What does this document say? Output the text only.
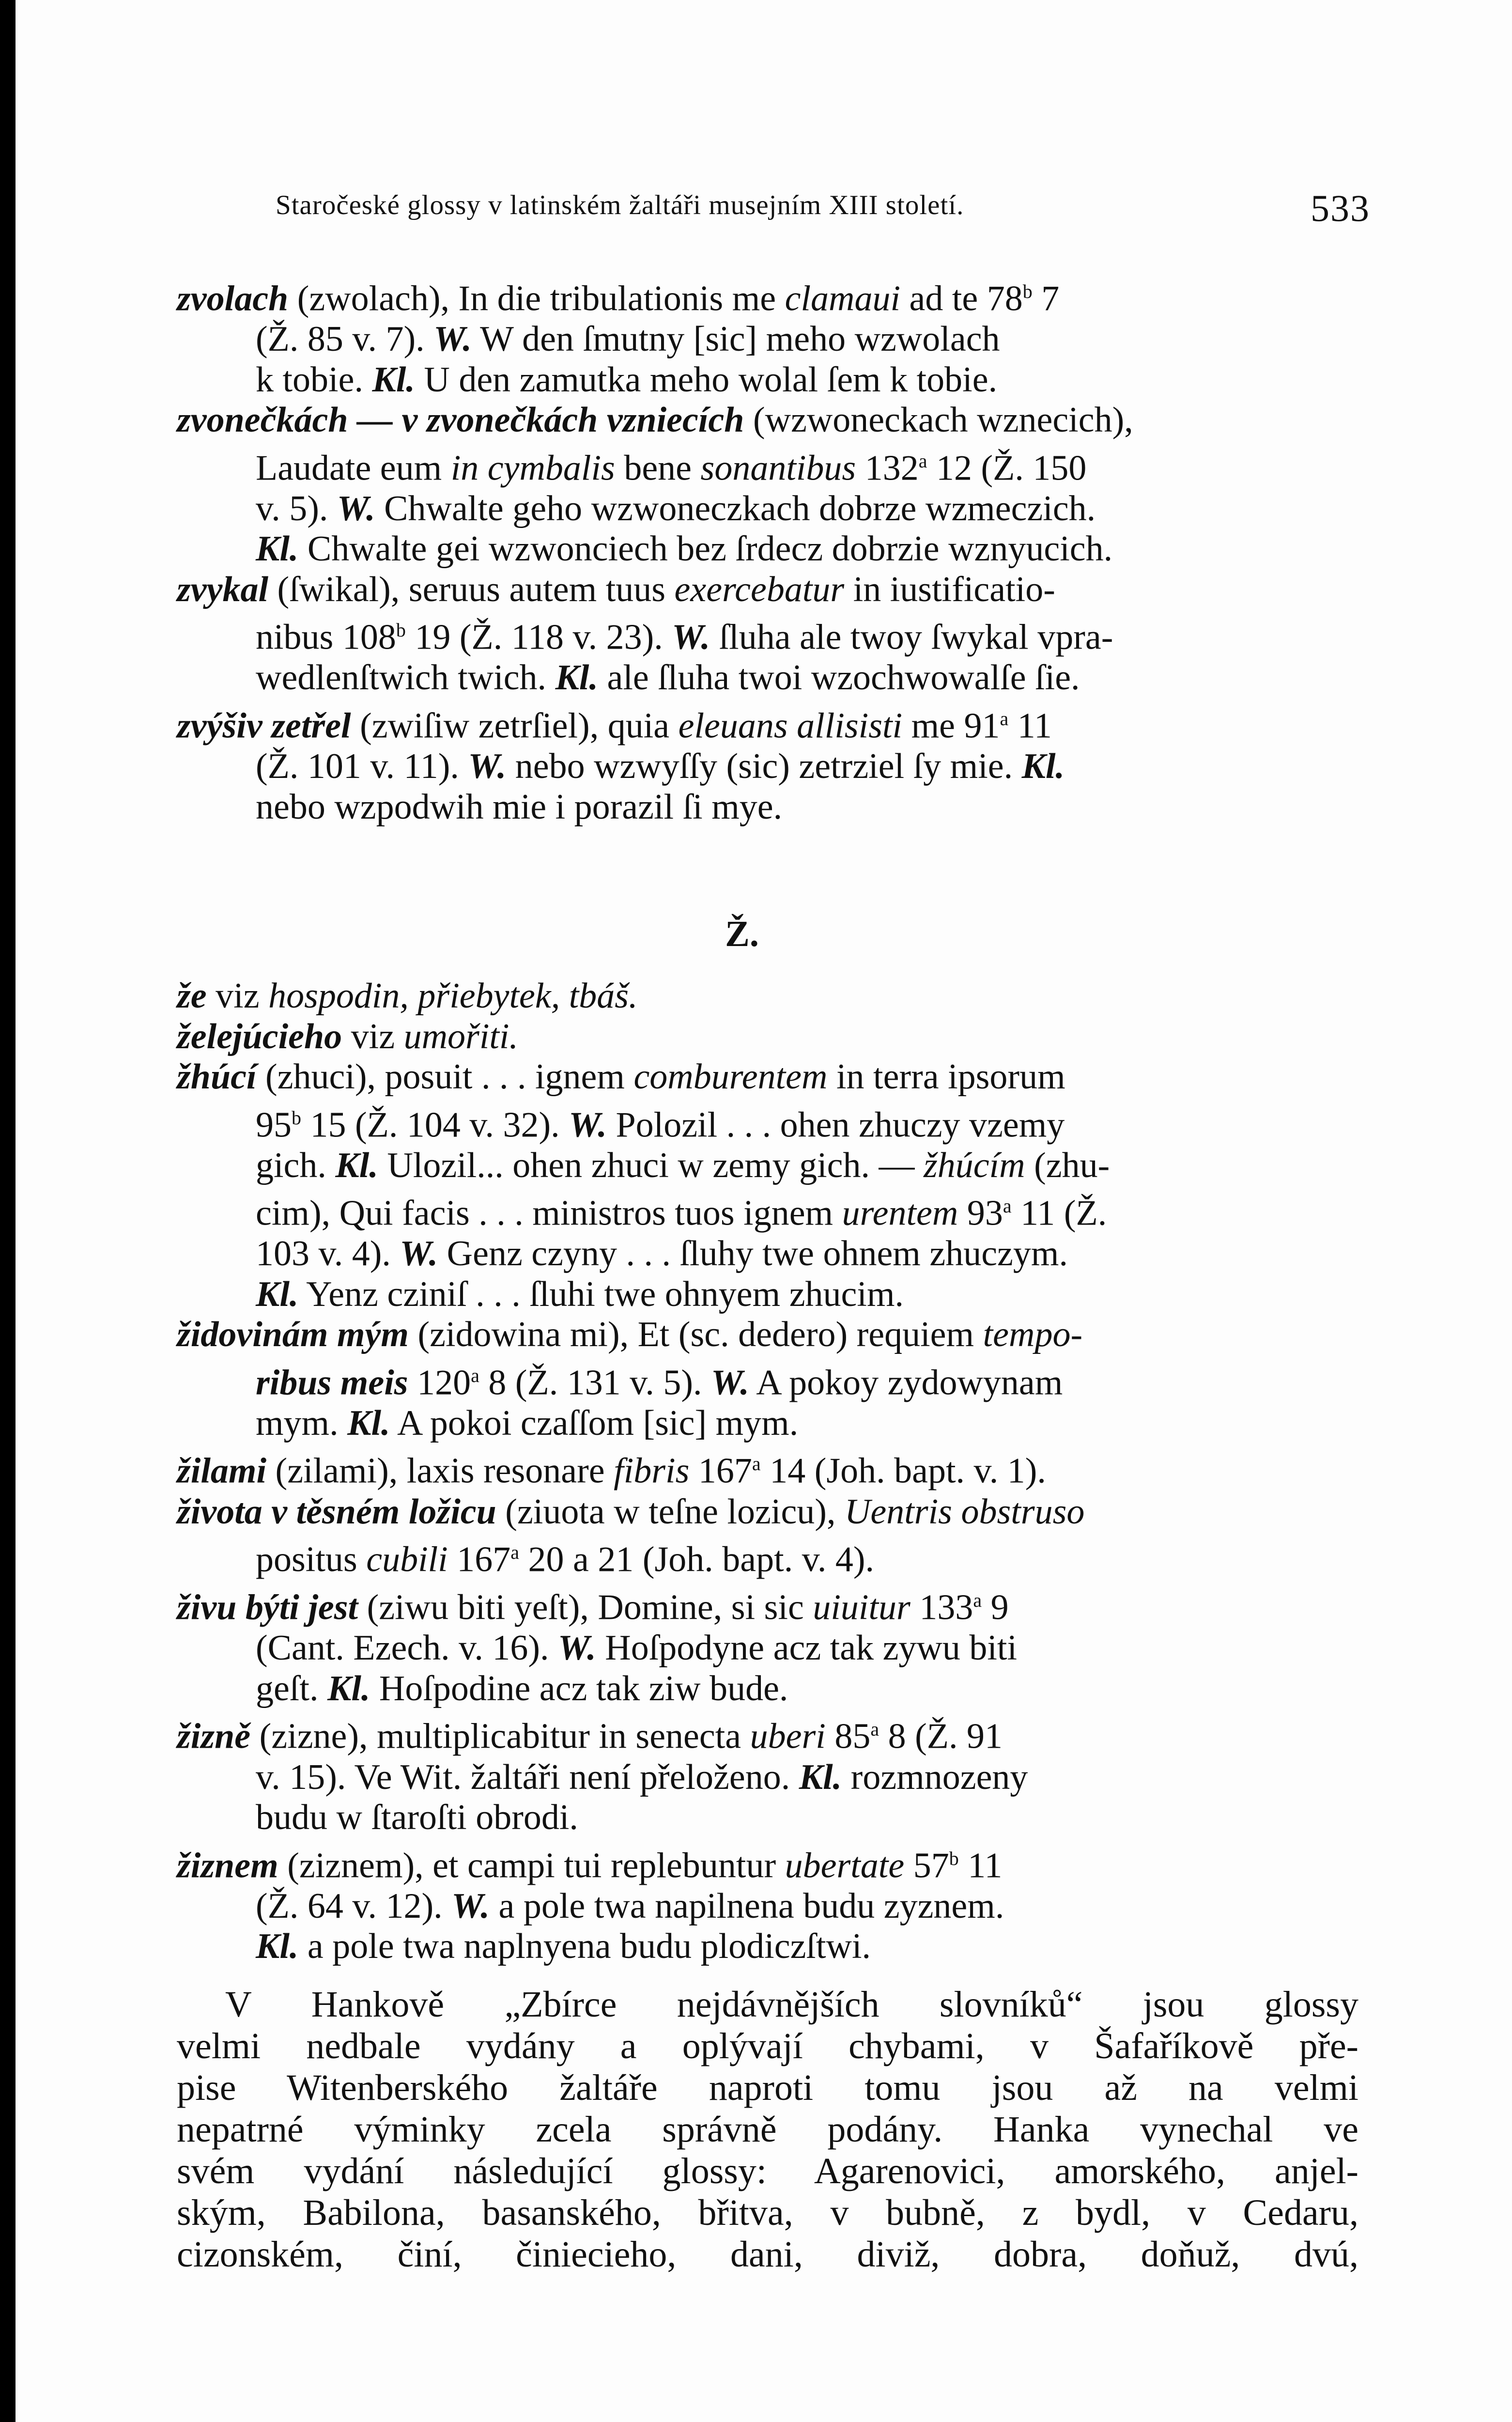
Staročeské glossy v latinském žaltáři musejním XIII století.	533

zvolach (zwolach), In die tribulationis me clamaui ad te 78$^b$ 7
(Ž. 85 v. 7). W. W den ſmutny [sic] meho wzwolach
k tobie. Kl. U den zamutka meho wolal ſem k tobie.

zvonečkách — v zvonečkách vzniecích (wzwoneckach wznecich),
Laudate eum in cymbalis bene sonantibus 132$^a$ 12 (Ž. 150
v. 5). W. Chwalte geho wzwoneczkach dobrze wzmeczich.
Kl. Chwalte gei wzwonciech bez ſrdecz dobrzie wznyucich.

zvykal (ſwikal), seruus autem tuus exercebatur in iustificatio-
nibus 108$^b$ 19 (Ž. 118 v. 23). W. ſluha ale twoy ſwykal vpra-
wedlenſtwich twich. Kl. ale ſluha twoi wzochwowalſe ſie.

zvýšiv zetřel (zwiſiw zetrſiel), quia eleuans allisisti me 91$^a$ 11
(Ž. 101 v. 11). W. nebo wzwyſſy (sic) zetrziel ſy mie. Kl.
nebo wzpodwih mie i porazil ſi mye.

Ž.

že viz hospodin, přiebytek, tbáš.

želejúcieho viz umořiti.

žhúcí (zhuci), posuit . . . ignem comburentem in terra ipsorum
95$^b$ 15 (Ž. 104 v. 32). W. Polozil . . . ohen zhuczy vzemy
gich. Kl. Ulozil... ohen zhuci w zemy gich. — žhúcím (zhu-
cim), Qui facis . . . ministros tuos ignem urentem 93$^a$ 11 (Ž.
103 v. 4). W. Genz czyny . . . ſluhy twe ohnem zhuczym.
Kl. Yenz cziniſ . . . ſluhi twe ohnyem zhucim.

židovinám mým (zidowina mi), Et (sc. dedero) requiem tempo-
ribus meis 120$^a$ 8 (Ž. 131 v. 5). W. A pokoy zydowynam
mym. Kl. A pokoi czaſſom [sic] mym.

žilami (zilami), laxis resonare fibris 167$^a$ 14 (Joh. bapt. v. 1).

života v těsném ložicu (ziuota w teſne lozicu), Uentris obstruso
positus cubili 167$^a$ 20 a 21 (Joh. bapt. v. 4).

živu býti jest (ziwu biti yeſt), Domine, si sic uiuitur 133$^a$ 9
(Cant. Ezech. v. 16). W. Hoſpodyne acz tak zywu biti
geſt. Kl. Hoſpodine acz tak ziw bude.

žizně (zizne), multiplicabitur in senecta uberi 85$^a$ 8 (Ž. 91
v. 15). Ve Wit. žaltáři není přeloženo. Kl. rozmnozeny
budu w ſtaroſti obrodi.

žiznem (ziznem), et campi tui replebuntur ubertate 57$^b$ 11
(Ž. 64 v. 12). W. a pole twa napilnena budu zyznem.
Kl. a pole twa naplnyena budu plodiczſtwi.

V Hankově „Zbírce nejdávnějších slovníků“ jsou glossy
velmi nedbale vydány a oplývají chybami, v Šafaříkově pře-
pise Witenberského žaltáře naproti tomu jsou až na velmi
nepatrné výminky zcela správně podány. Hanka vynechal ve
svém vydání následující glossy: Agarenovici, amorského, anjel-
ským, Babilona, basanského, břitva, v bubně, z bydl, v Cedaru,
cizonském, činí, činiecieho, dani, diviž, dobra, doňuž, dvú,
